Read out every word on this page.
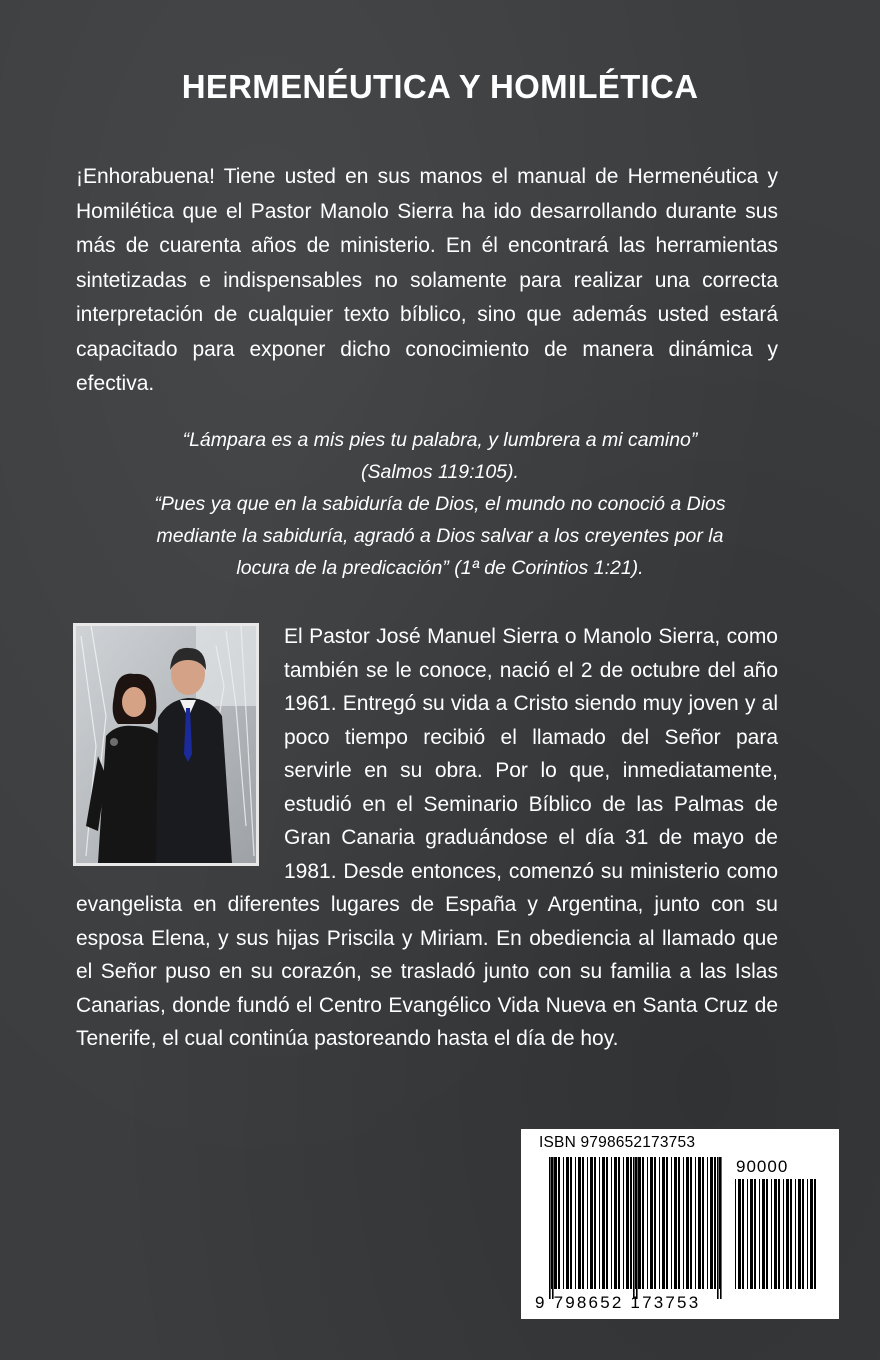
HERMENÉUTICA Y HOMILÉTICA
¡Enhorabuena! Tiene usted en sus manos el manual de Hermenéutica y Homilética que el Pastor Manolo Sierra ha ido desarrollando durante sus más de cuarenta años de ministerio. En él encontrará las herramientas sintetizadas e indispensables no solamente para realizar una correcta interpretación de cualquier texto bíblico, sino que además usted estará capacitado para exponer dicho conocimiento de manera dinámica y efectiva.
“Lámpara es a mis pies tu palabra, y lumbrera a mi camino”
(Salmos 119:105).
“Pues ya que en la sabiduría de Dios, el mundo no conoció a Dios
mediante la sabiduría, agradó a Dios salvar a los creyentes por la
locura de la predicación” (1ª de Corintios 1:21).
El Pastor José Manuel Sierra o Manolo Sierra, como también se le conoce, nació el 2 de octubre del año 1961. Entregó su vida a Cristo siendo muy joven y al poco tiempo recibió el llamado del Señor para servirle en su obra. Por lo que, inmediatamente, estudió en el Seminario Bíblico de las Palmas de Gran Canaria graduándose el día 31 de mayo de 1981. Desde entonces, comenzó su ministerio como evangelista en diferentes lugares de España y Argentina, junto con su esposa Elena, y sus hijas Priscila y Miriam. En obediencia al llamado que el Señor puso en su corazón, se trasladó junto con su familia a las Islas Canarias, donde fundó el Centro Evangélico Vida Nueva en Santa Cruz de Tenerife, el cual continúa pastoreando hasta el día de hoy.
ISBN 9798652173753
90000
9 798652 173753
